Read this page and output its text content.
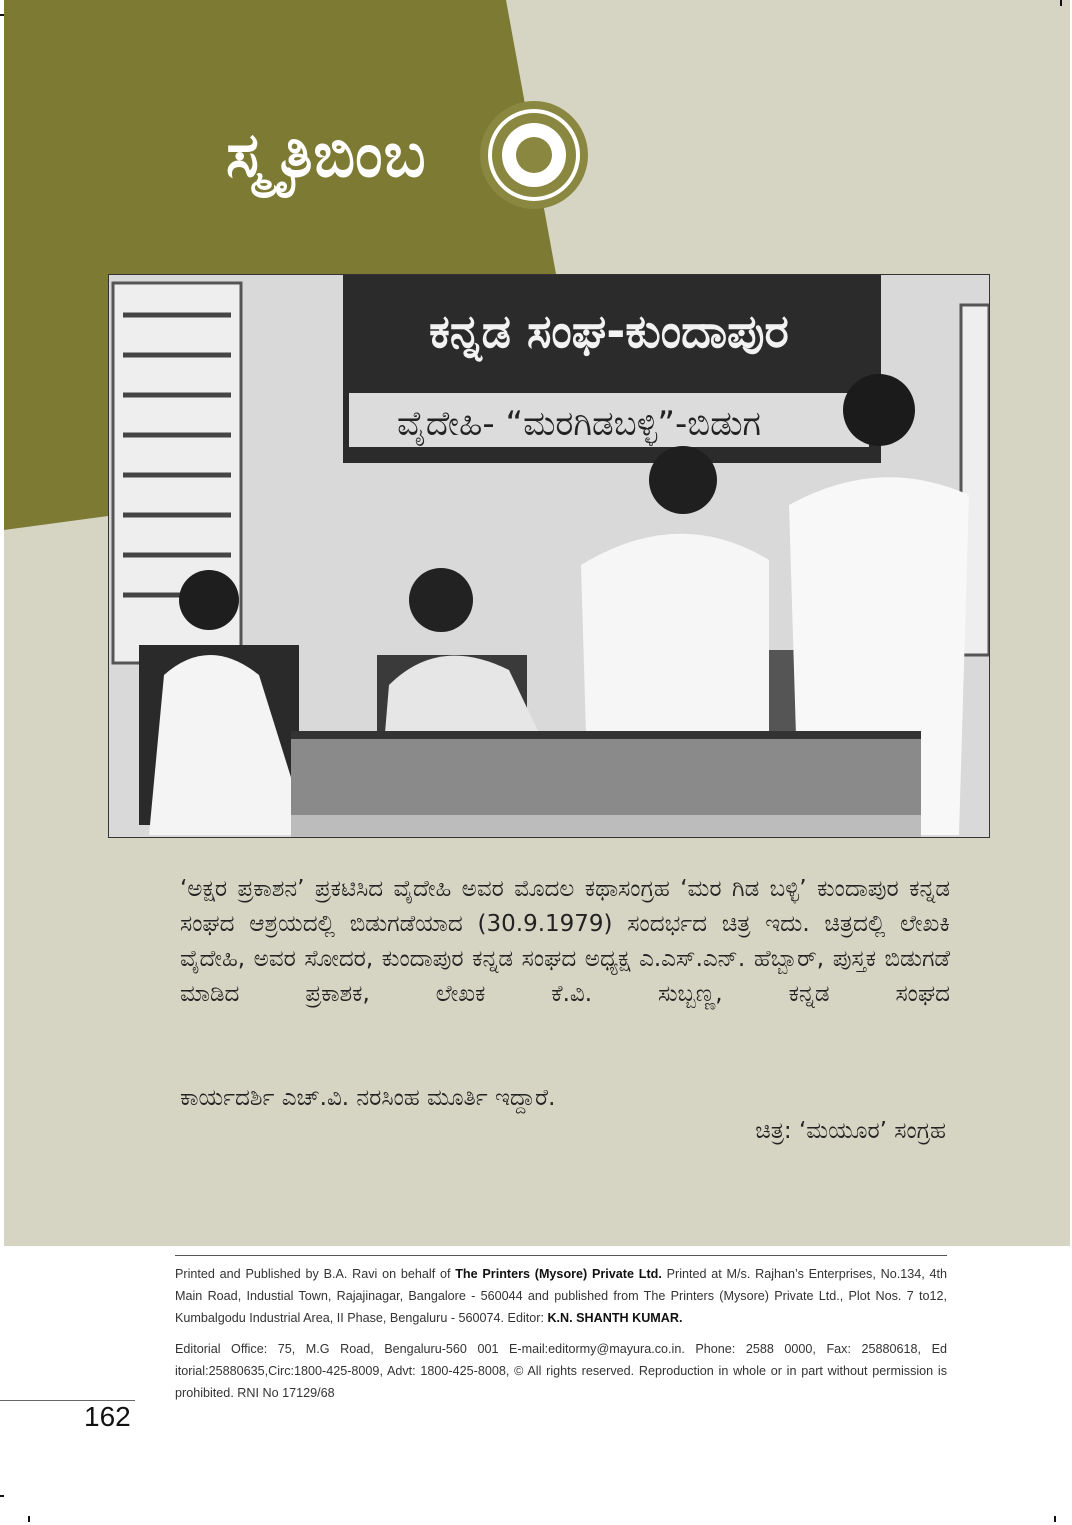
ಸ್ಮೃತಿಬಿಂಬ
ಕನ್ನಡ ಸಂಘ-ಕುಂದಾಪುರ
ವೈದೇಹಿ- “ಮರಗಿಡಬಳ್ಳಿ”-ಬಿಡುಗ
‘ಅಕ್ಷರ ಪ್ರಕಾಶನ’ ಪ್ರಕಟಿಸಿದ ವೈದೇಹಿ ಅವರ ಮೊದಲ ಕಥಾಸಂಗ್ರಹ ‘ಮರ ಗಿಡ ಬಳ್ಳಿ’ ಕುಂದಾಪುರ ಕನ್ನಡ ಸಂಘದ ಆಶ್ರಯದಲ್ಲಿ ಬಿಡುಗಡೆಯಾದ (30.9.1979) ಸಂದರ್ಭದ ಚಿತ್ರ ಇದು. ಚಿತ್ರದಲ್ಲಿ ಲೇಖಕಿ ವೈದೇಹಿ, ಅವರ ಸೋದರ, ಕುಂದಾಪುರ ಕನ್ನಡ ಸಂಘದ ಅಧ್ಯಕ್ಷ ಎ.ಎಸ್.ಎನ್. ಹೆಬ್ಬಾರ್, ಪುಸ್ತಕ ಬಿಡುಗಡೆ ಮಾಡಿದ ಪ್ರಕಾಶಕ, ಲೇಖಕ ಕೆ.ವಿ. ಸುಬ್ಬಣ್ಣ, ಕನ್ನಡ ಸಂಘದ
ಕಾರ್ಯದರ್ಶಿ ಎಚ್.ವಿ. ನರಸಿಂಹ ಮೂರ್ತಿ ಇದ್ದಾರೆ.
ಚಿತ್ರ: ‘ಮಯೂರ’ ಸಂಗ್ರಹ
Printed and Published by B.A. Ravi on behalf of The Printers (Mysore) Private Ltd. Printed at M/s. Rajhan’s Enterprises, No.134, 4th Main Road, Industial Town, Rajajinagar, Bangalore - 560044 and published from The Printers (Mysore) Private Ltd., Plot Nos. 7 to12, Kumbalgodu Industrial Area, II Phase, Bengaluru - 560074. Editor: K.N. SHANTH KUMAR.
Editorial Office: 75, M.G Road, Bengaluru-560 001 E-mail:editormy@mayura.co.in. Phone: 2588 0000, Fax: 25880618, Ed itorial:25880635,Circ:1800-425-8009, Advt: 1800-425-8008, © All rights reserved. Reproduction in whole or in part without permission is prohibited. RNI No 17129/68
162
